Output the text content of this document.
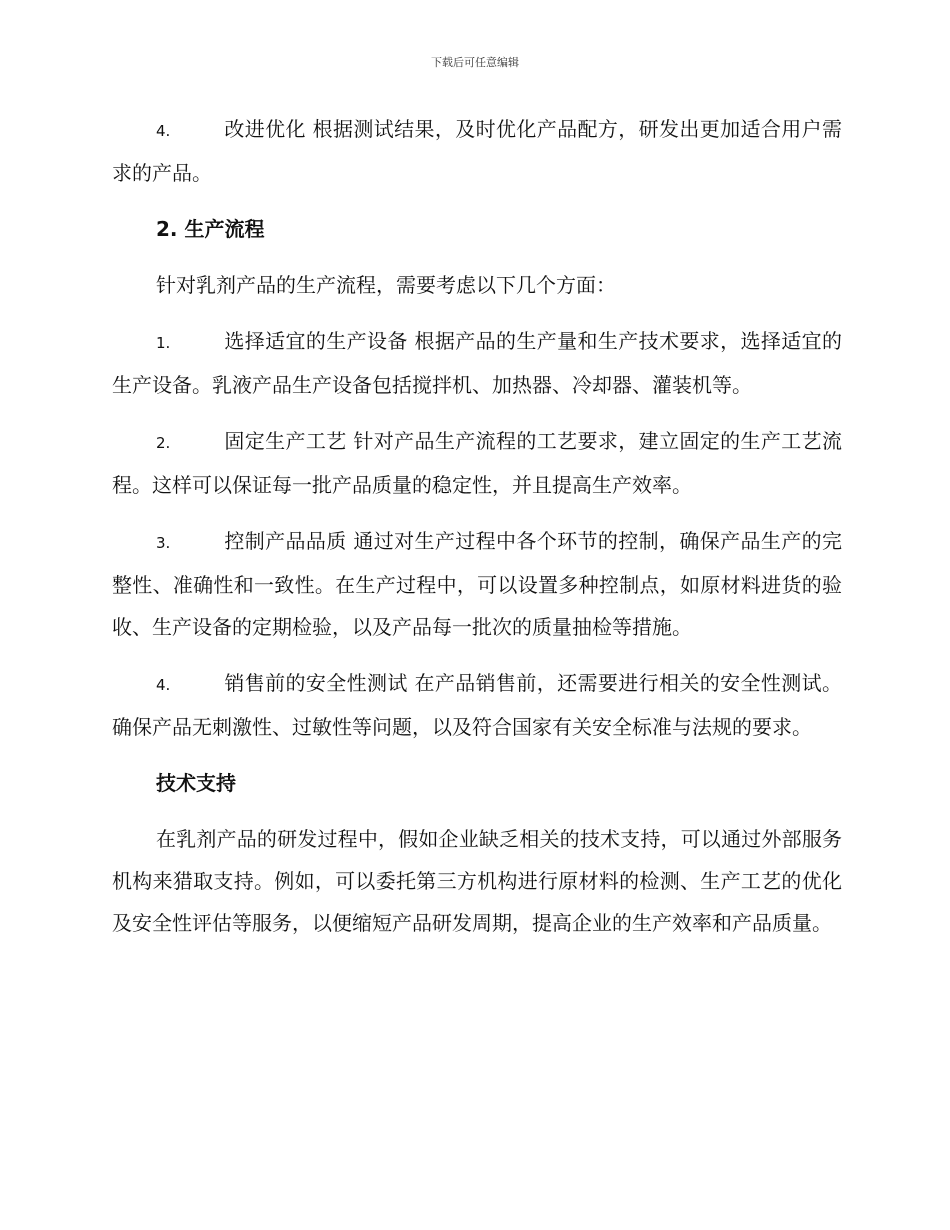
下载后可任意编辑

4.	改进优化 根据测试结果，及时优化产品配方，研发出更加适合用户需求的产品。

2. 生产流程

针对乳剂产品的生产流程，需要考虑以下几个方面：

1.	选择适宜的生产设备 根据产品的生产量和生产技术要求，选择适宜的生产设备。乳液产品生产设备包括搅拌机、加热器、冷却器、灌装机等。

2.	固定生产工艺 针对产品生产流程的工艺要求，建立固定的生产工艺流程。这样可以保证每一批产品质量的稳定性，并且提高生产效率。

3.	控制产品品质 通过对生产过程中各个环节的控制，确保产品生产的完整性、准确性和一致性。在生产过程中，可以设置多种控制点，如原材料进货的验收、生产设备的定期检验，以及产品每一批次的质量抽检等措施。

4.	销售前的安全性测试 在产品销售前，还需要进行相关的安全性测试。确保产品无刺激性、过敏性等问题，以及符合国家有关安全标准与法规的要求。

技术支持

在乳剂产品的研发过程中，假如企业缺乏相关的技术支持，可以通过外部服务机构来猎取支持。例如，可以委托第三方机构进行原材料的检测、生产工艺的优化及安全性评估等服务，以便缩短产品研发周期，提高企业的生产效率和产品质量。
